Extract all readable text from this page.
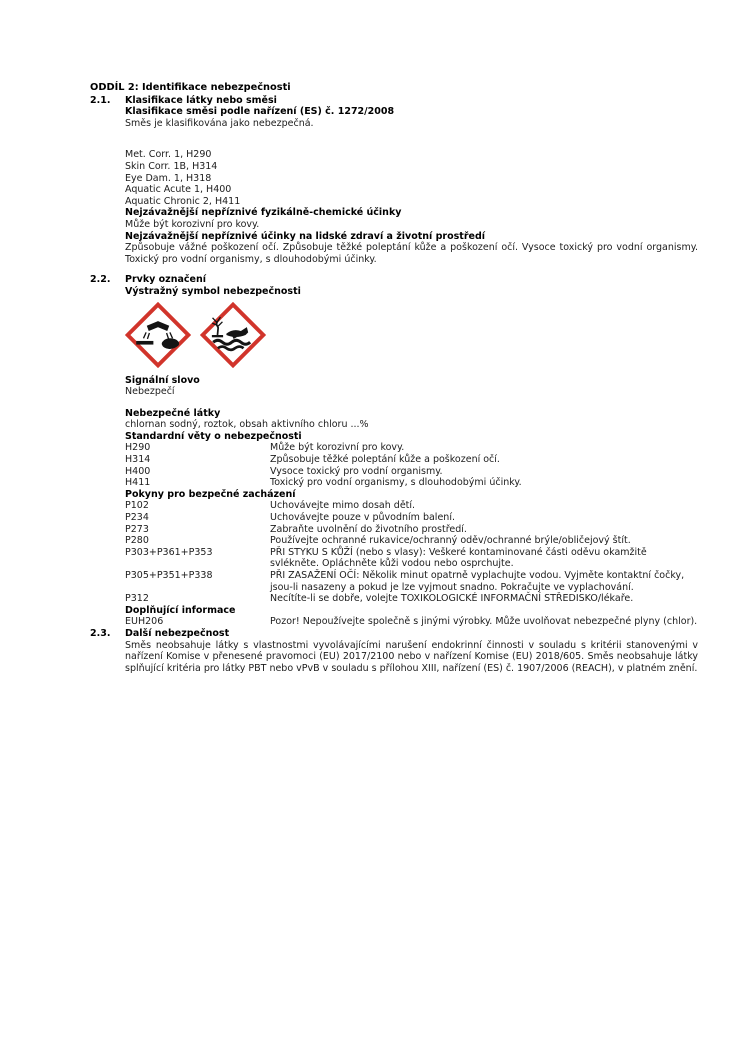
ODDÍL 2: Identifikace nebezpečnosti
2.1.	Klasifikace látky nebo směsi
Klasifikace směsi podle nařízení (ES) č. 1272/2008
Směs je klasifikována jako nebezpečná.
Met. Corr. 1, H290
Skin Corr. 1B, H314
Eye Dam. 1, H318
Aquatic Acute 1, H400
Aquatic Chronic 2, H411
Nejzávažnější nepříznivé fyzikálně-chemické účinky
Může být korozivní pro kovy.
Nejzávažnější nepříznivé účinky na lidské zdraví a životní prostředí
Způsobuje vážné poškození očí. Způsobuje těžké poleptání kůže a poškození očí. Vysoce toxický pro vodní organismy. Toxický pro vodní organismy, s dlouhodobými účinky.
2.2.	Prvky označení
Výstražný symbol nebezpečnosti
Signální slovo
Nebezpečí
Nebezpečné látky
chlornan sodný, roztok, obsah aktivního chloru ...%
Standardní věty o nebezpečnosti
H290	Může být korozivní pro kovy.
H314	Způsobuje těžké poleptání kůže a poškození očí.
H400	Vysoce toxický pro vodní organismy.
H411	Toxický pro vodní organismy, s dlouhodobými účinky.
Pokyny pro bezpečné zacházení
P102	Uchovávejte mimo dosah dětí.
P234	Uchovávejte pouze v původním balení.
P273	Zabraňte uvolnění do životního prostředí.
P280	Používejte ochranné rukavice/ochranný oděv/ochranné brýle/obličejový štít.
P303+P361+P353	PŘI STYKU S KŮŽÍ (nebo s vlasy): Veškeré kontaminované části oděvu okamžitě svlékněte. Opláchněte kůži vodou nebo osprchujte.
P305+P351+P338	PŘI ZASAŽENÍ OČÍ: Několik minut opatrně vyplachujte vodou. Vyjměte kontaktní čočky, jsou-li nasazeny a pokud je lze vyjmout snadno. Pokračujte ve vyplachování.
P312	Necítíte-li se dobře, volejte TOXIKOLOGICKÉ INFORMAČNÍ STŘEDISKO/lékaře.
Doplňující informace
EUH206	Pozor! Nepoužívejte společně s jinými výrobky. Může uvolňovat nebezpečné plyny (chlor).
2.3.	Další nebezpečnost
Směs neobsahuje látky s vlastnostmi vyvolávajícími narušení endokrinní činnosti v souladu s kritérii stanovenými v nařízení Komise v přenesené pravomoci (EU) 2017/2100 nebo v nařízení Komise (EU) 2018/605. Směs neobsahuje látky splňující kritéria pro látky PBT nebo vPvB v souladu s přílohou XIII, nařízení (ES) č. 1907/2006 (REACH), v platném znění.
